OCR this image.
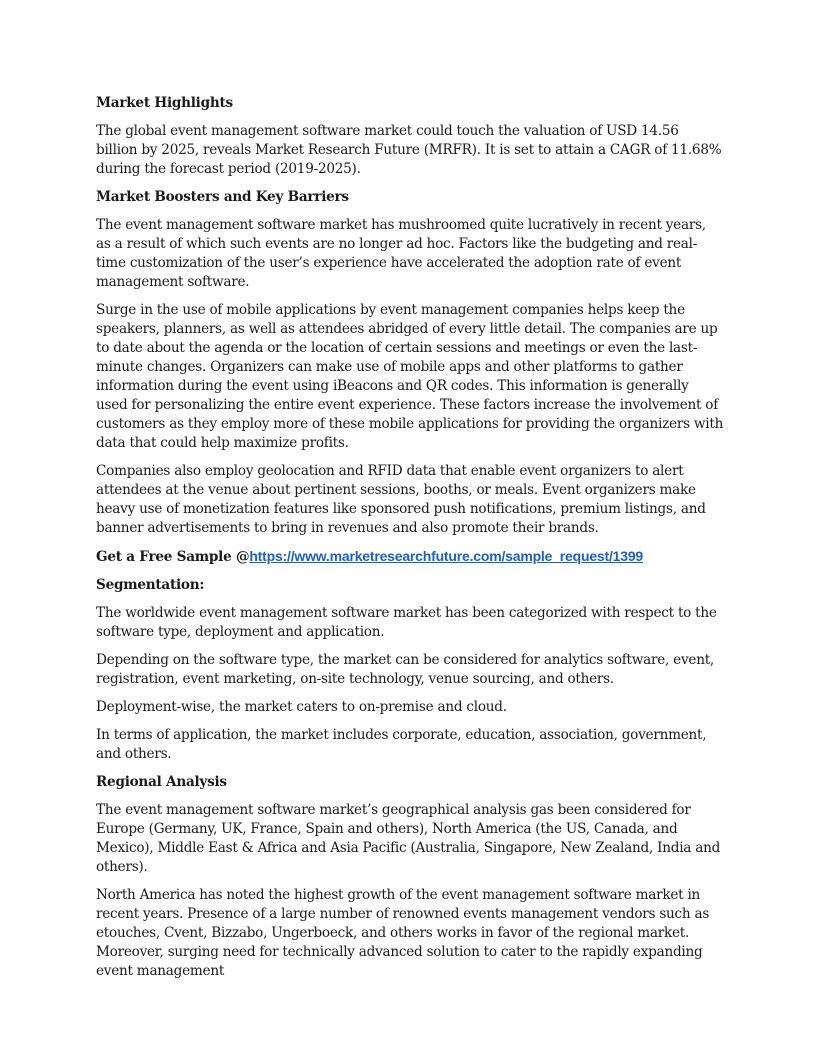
Market Highlights
The global event management software market could touch the valuation of USD 14.56 billion by 2025, reveals Market Research Future (MRFR). It is set to attain a CAGR of 11.68% during the forecast period (2019-2025).
Market Boosters and Key Barriers
The event management software market has mushroomed quite lucratively in recent years, as a result of which such events are no longer ad hoc. Factors like the budgeting and real-time customization of the user’s experience have accelerated the adoption rate of event management software.
Surge in the use of mobile applications by event management companies helps keep the speakers, planners, as well as attendees abridged of every little detail. The companies are up to date about the agenda or the location of certain sessions and meetings or even the last-minute changes. Organizers can make use of mobile apps and other platforms to gather information during the event using iBeacons and QR codes. This information is generally used for personalizing the entire event experience. These factors increase the involvement of customers as they employ more of these mobile applications for providing the organizers with data that could help maximize profits.
Companies also employ geolocation and RFID data that enable event organizers to alert attendees at the venue about pertinent sessions, booths, or meals. Event organizers make heavy use of monetization features like sponsored push notifications, premium listings, and banner advertisements to bring in revenues and also promote their brands.
Get a Free Sample @https://www.marketresearchfuture.com/sample_request/1399
Segmentation:
The worldwide event management software market has been categorized with respect to the software type, deployment and application.
Depending on the software type, the market can be considered for analytics software, event, registration, event marketing, on-site technology, venue sourcing, and others.
Deployment-wise, the market caters to on-premise and cloud.
In terms of application, the market includes corporate, education, association, government, and others.
Regional Analysis
The event management software market’s geographical analysis gas been considered for Europe (Germany, UK, France, Spain and others), North America (the US, Canada, and Mexico), Middle East & Africa and Asia Pacific (Australia, Singapore, New Zealand, India and others).
North America has noted the highest growth of the event management software market in recent years. Presence of a large number of renowned events management vendors such as etouches, Cvent, Bizzabo, Ungerboeck, and others works in favor of the regional market. Moreover, surging need for technically advanced solution to cater to the rapidly expanding event management
